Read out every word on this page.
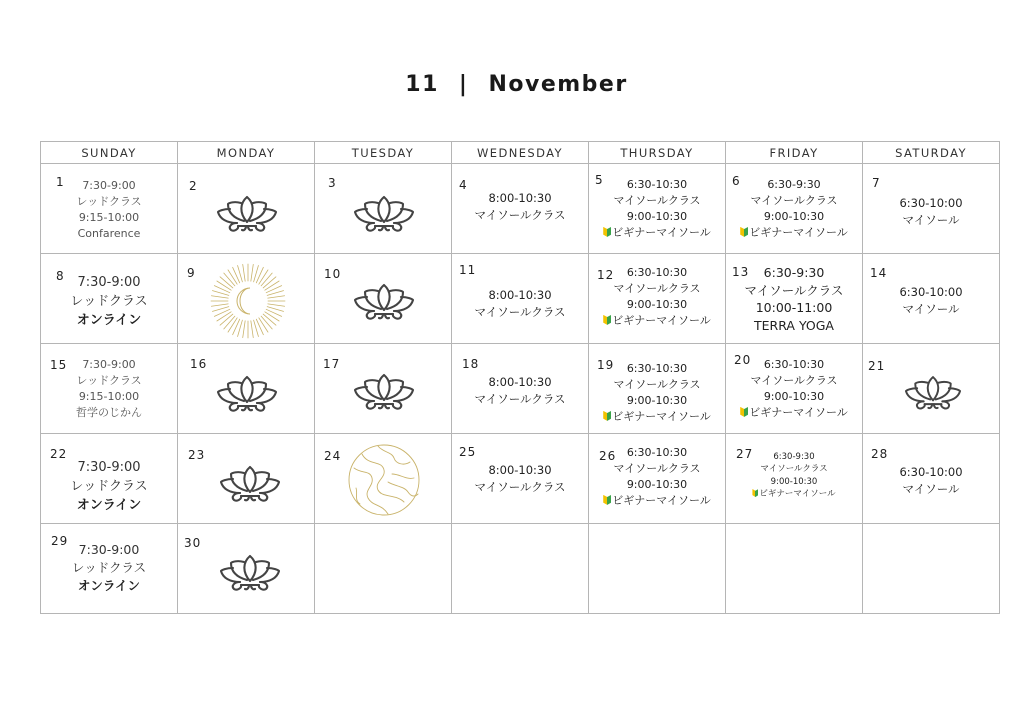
11 | November
SUNDAY	MONDAY	TUESDAY	WEDNESDAY	THURSDAY	FRIDAY	SATURDAY

1 7:30-9:00
レッドクラス
9:15-10:00
Confarence	2	3	4
8:00-10:30
マイソールクラス	5 6:30-10:30
マイソールクラス
9:00-10:30
ビギナーマイソール	6 6:30-9:30
マイソールクラス
9:00-10:30
ビギナーマイソール	7
6:30-10:00
マイソール

8 7:30-9:00
レッドクラス
オンライン	9	10	11
8:00-10:30
マイソールクラス	12 6:30-10:30
マイソールクラス
9:00-10:30
ビギナーマイソール	13 6:30-9:30
マイソールクラス
10:00-11:00
TERRA YOGA	14
6:30-10:00
マイソール

15 7:30-9:00
レッドクラス
9:15-10:00
哲学のじかん	16	17	18
8:00-10:30
マイソールクラス	19 6:30-10:30
マイソールクラス
9:00-10:30
ビギナーマイソール	20 6:30-10:30
マイソールクラス
9:00-10:30
ビギナーマイソール	21

22
7:30-9:00
レッドクラス
オンライン	23	24	25
8:00-10:30
マイソールクラス	26 6:30-10:30
マイソールクラス
9:00-10:30
ビギナーマイソール	27 6:30-9:30
マイソールクラス
9:00-10:30
ビギナーマイソール	28
6:30-10:00
マイソール

29
7:30-9:00
レッドクラス
オンライン	30					
